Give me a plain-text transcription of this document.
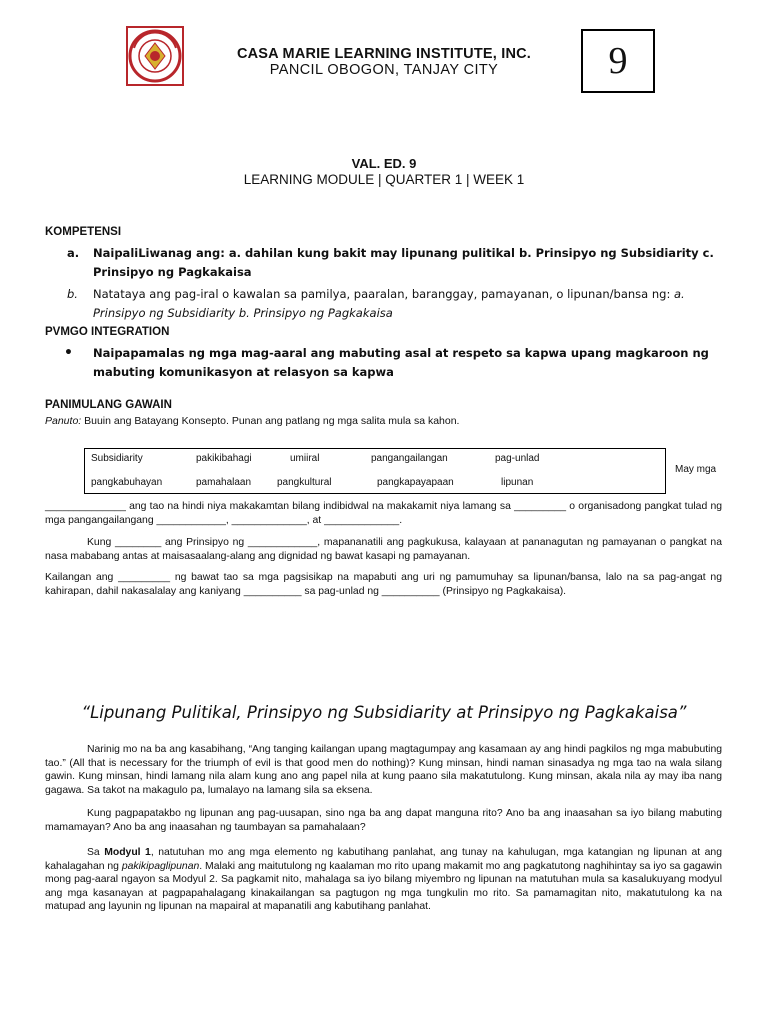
CASA MARIE LEARNING INSTITUTE, INC.
PANCIL OBOGON, TANJAY CITY	9
VAL. ED. 9
LEARNING MODULE | QUARTER 1 | WEEK 1
KOMPETENSI
a.	NaipaliLiwanag ang: a. dahilan kung bakit may lipunang pulitikal b. Prinsipyo ng Subsidiarity c. Prinsipyo ng Pagkakaisa
b.	Natataya ang pag-iral o kawalan sa pamilya, paaralan, baranggay, pamayanan, o lipunan/bansa ng: a. Prinsipyo ng Subsidiarity b. Prinsipyo ng Pagkakaisa
PVMGO INTEGRATION
• Naipapamalas ng mga mag-aaral ang mabuting asal at respeto sa kapwa upang magkaroon ng mabuting komunikasyon at relasyon sa kapwa
PANIMULANG GAWAIN
Panuto: Buuin ang Batayang Konsepto. Punan ang patlang ng mga salita mula sa kahon.
Subsidiarity	pakikibahagi	umiiral	pangangailangan	pag-unlad
pangkabuhayan	pamahalaan	pangkultural	pangkapayapaan	lipunan
May mga
______________ ang tao na hindi niya makakamtan bilang indibidwal na makakamit niya lamang sa _________ o organisadong pangkat tulad ng mga pangangailangang ____________, _____________, at _____________.
Kung ________ ang Prinsipyo ng ____________, mapananatili ang pagkukusa, kalayaan at pananagutan ng pamayanan o pangkat na nasa mababang antas at maisasaalang-alang ang dignidad ng bawat kasapi ng pamayanan.
Kailangan ang _________ ng bawat tao sa mga pagsisikap na mapabuti ang uri ng pamumuhay sa lipunan/bansa, lalo na sa pag-angat ng kahirapan, dahil nakasalalay ang kaniyang __________ sa pag-unlad ng __________ (Prinsipyo ng Pagkakaisa).
“Lipunang Pulitikal, Prinsipyo ng Subsidiarity at Prinsipyo ng Pagkakaisa”
Narinig mo na ba ang kasabihang, “Ang tanging kailangan upang magtagumpay ang kasamaan ay ang hindi pagkilos ng mga mabubuting tao.” (All that is necessary for the triumph of evil is that good men do nothing)? Kung minsan, hindi naman sinasadya ng mga tao na wala silang gawin. Kung minsan, hindi lamang nila alam kung ano ang papel nila at kung paano sila makatutulong. Kung minsan, akala nila ay may iba nang gagawa. Sa takot na makagulo pa, lumalayo na lamang sila sa eksena.
Kung pagpapatakbo ng lipunan ang pag-uusapan, sino nga ba ang dapat manguna rito? Ano ba ang inaasahan sa iyo bilang mabuting mamamayan? Ano ba ang inaasahan ng taumbayan sa pamahalaan?
Sa Modyul 1, natutuhan mo ang mga elemento ng kabutihang panlahat, ang tunay na kahulugan, mga katangian ng lipunan at ang kahalagahan ng pakikipaglipunan. Malaki ang maitutulong ng kaalaman mo rito upang makamit mo ang pagkatutong naghihintay sa iyo sa gagawin mong pag-aaral ngayon sa Modyul 2. Sa pagkamit nito, mahalaga sa iyo bilang miyembro ng lipunan na matutuhan mula sa kasalukuyang modyul ang mga kasanayan at pagpapahalagang kinakailangan sa pagtugon ng mga tungkulin mo rito. Sa pamamagitan nito, makatutulong ka na matupad ang layunin ng lipunan na mapairal at mapanatili ang kabutihang panlahat.
